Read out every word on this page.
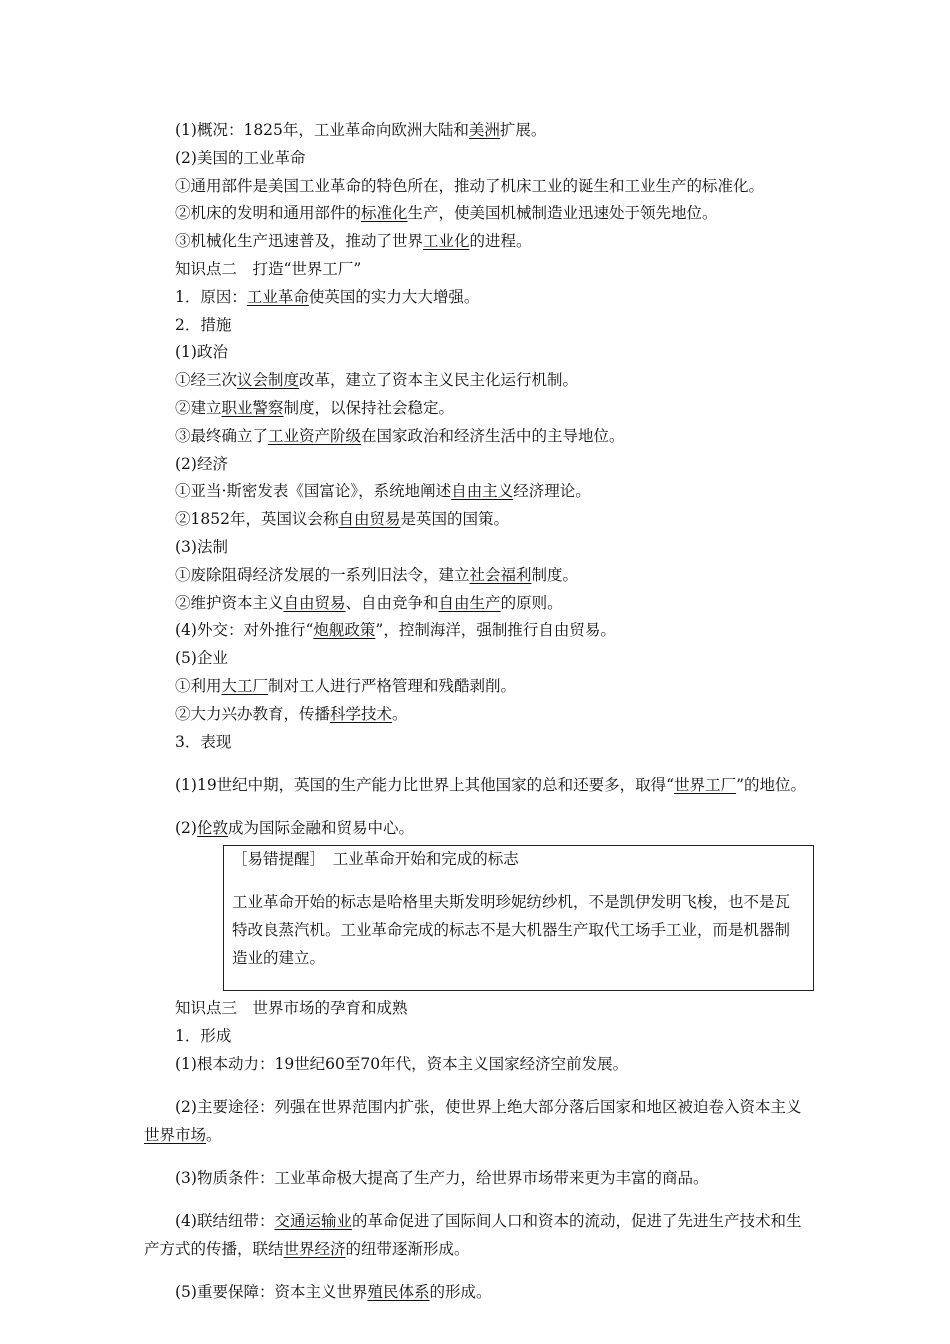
(1)概况：1825年，工业革命向欧洲大陆和美洲扩展。

(2)美国的工业革命

①通用部件是美国工业革命的特色所在，推动了机床工业的诞生和工业生产的标准化。

②机床的发明和通用部件的标准化生产，使美国机械制造业迅速处于领先地位。

③机械化生产迅速普及，推动了世界工业化的进程。

知识点二　打造“世界工厂”

1．原因：工业革命使英国的实力大大增强。

2．措施

(1)政治

①经三次议会制度改革，建立了资本主义民主化运行机制。

②建立职业警察制度，以保持社会稳定。

③最终确立了工业资产阶级在国家政治和经济生活中的主导地位。

(2)经济

①亚当·斯密发表《国富论》，系统地阐述自由主义经济理论。

②1852年，英国议会称自由贸易是英国的国策。

(3)法制

①废除阻碍经济发展的一系列旧法令，建立社会福利制度。

②维护资本主义自由贸易、自由竞争和自由生产的原则。

(4)外交：对外推行“炮舰政策”，控制海洋，强制推行自由贸易。

(5)企业

①利用大工厂制对工人进行严格管理和残酷剥削。

②大力兴办教育，传播科学技术。

3．表现

(1)19世纪中期，英国的生产能力比世界上其他国家的总和还要多，取得“世界工厂”的地位。

(2)伦敦成为国际金融和贸易中心。

［易错提醒］　工业革命开始和完成的标志

工业革命开始的标志是哈格里夫斯发明珍妮纺纱机，不是凯伊发明飞梭，也不是瓦特改良蒸汽机。工业革命完成的标志不是大机器生产取代工场手工业，而是机器制造业的建立。

知识点三　世界市场的孕育和成熟

1．形成

(1)根本动力：19世纪60至70年代，资本主义国家经济空前发展。

(2)主要途径：列强在世界范围内扩张，使世界上绝大部分落后国家和地区被迫卷入资本主义世界市场。

(3)物质条件：工业革命极大提高了生产力，给世界市场带来更为丰富的商品。

(4)联结纽带：交通运输业的革命促进了国际间人口和资本的流动，促进了先进生产技术和生产方式的传播，联结世界经济的纽带逐渐形成。

(5)重要保障：资本主义世界殖民体系的形成。
